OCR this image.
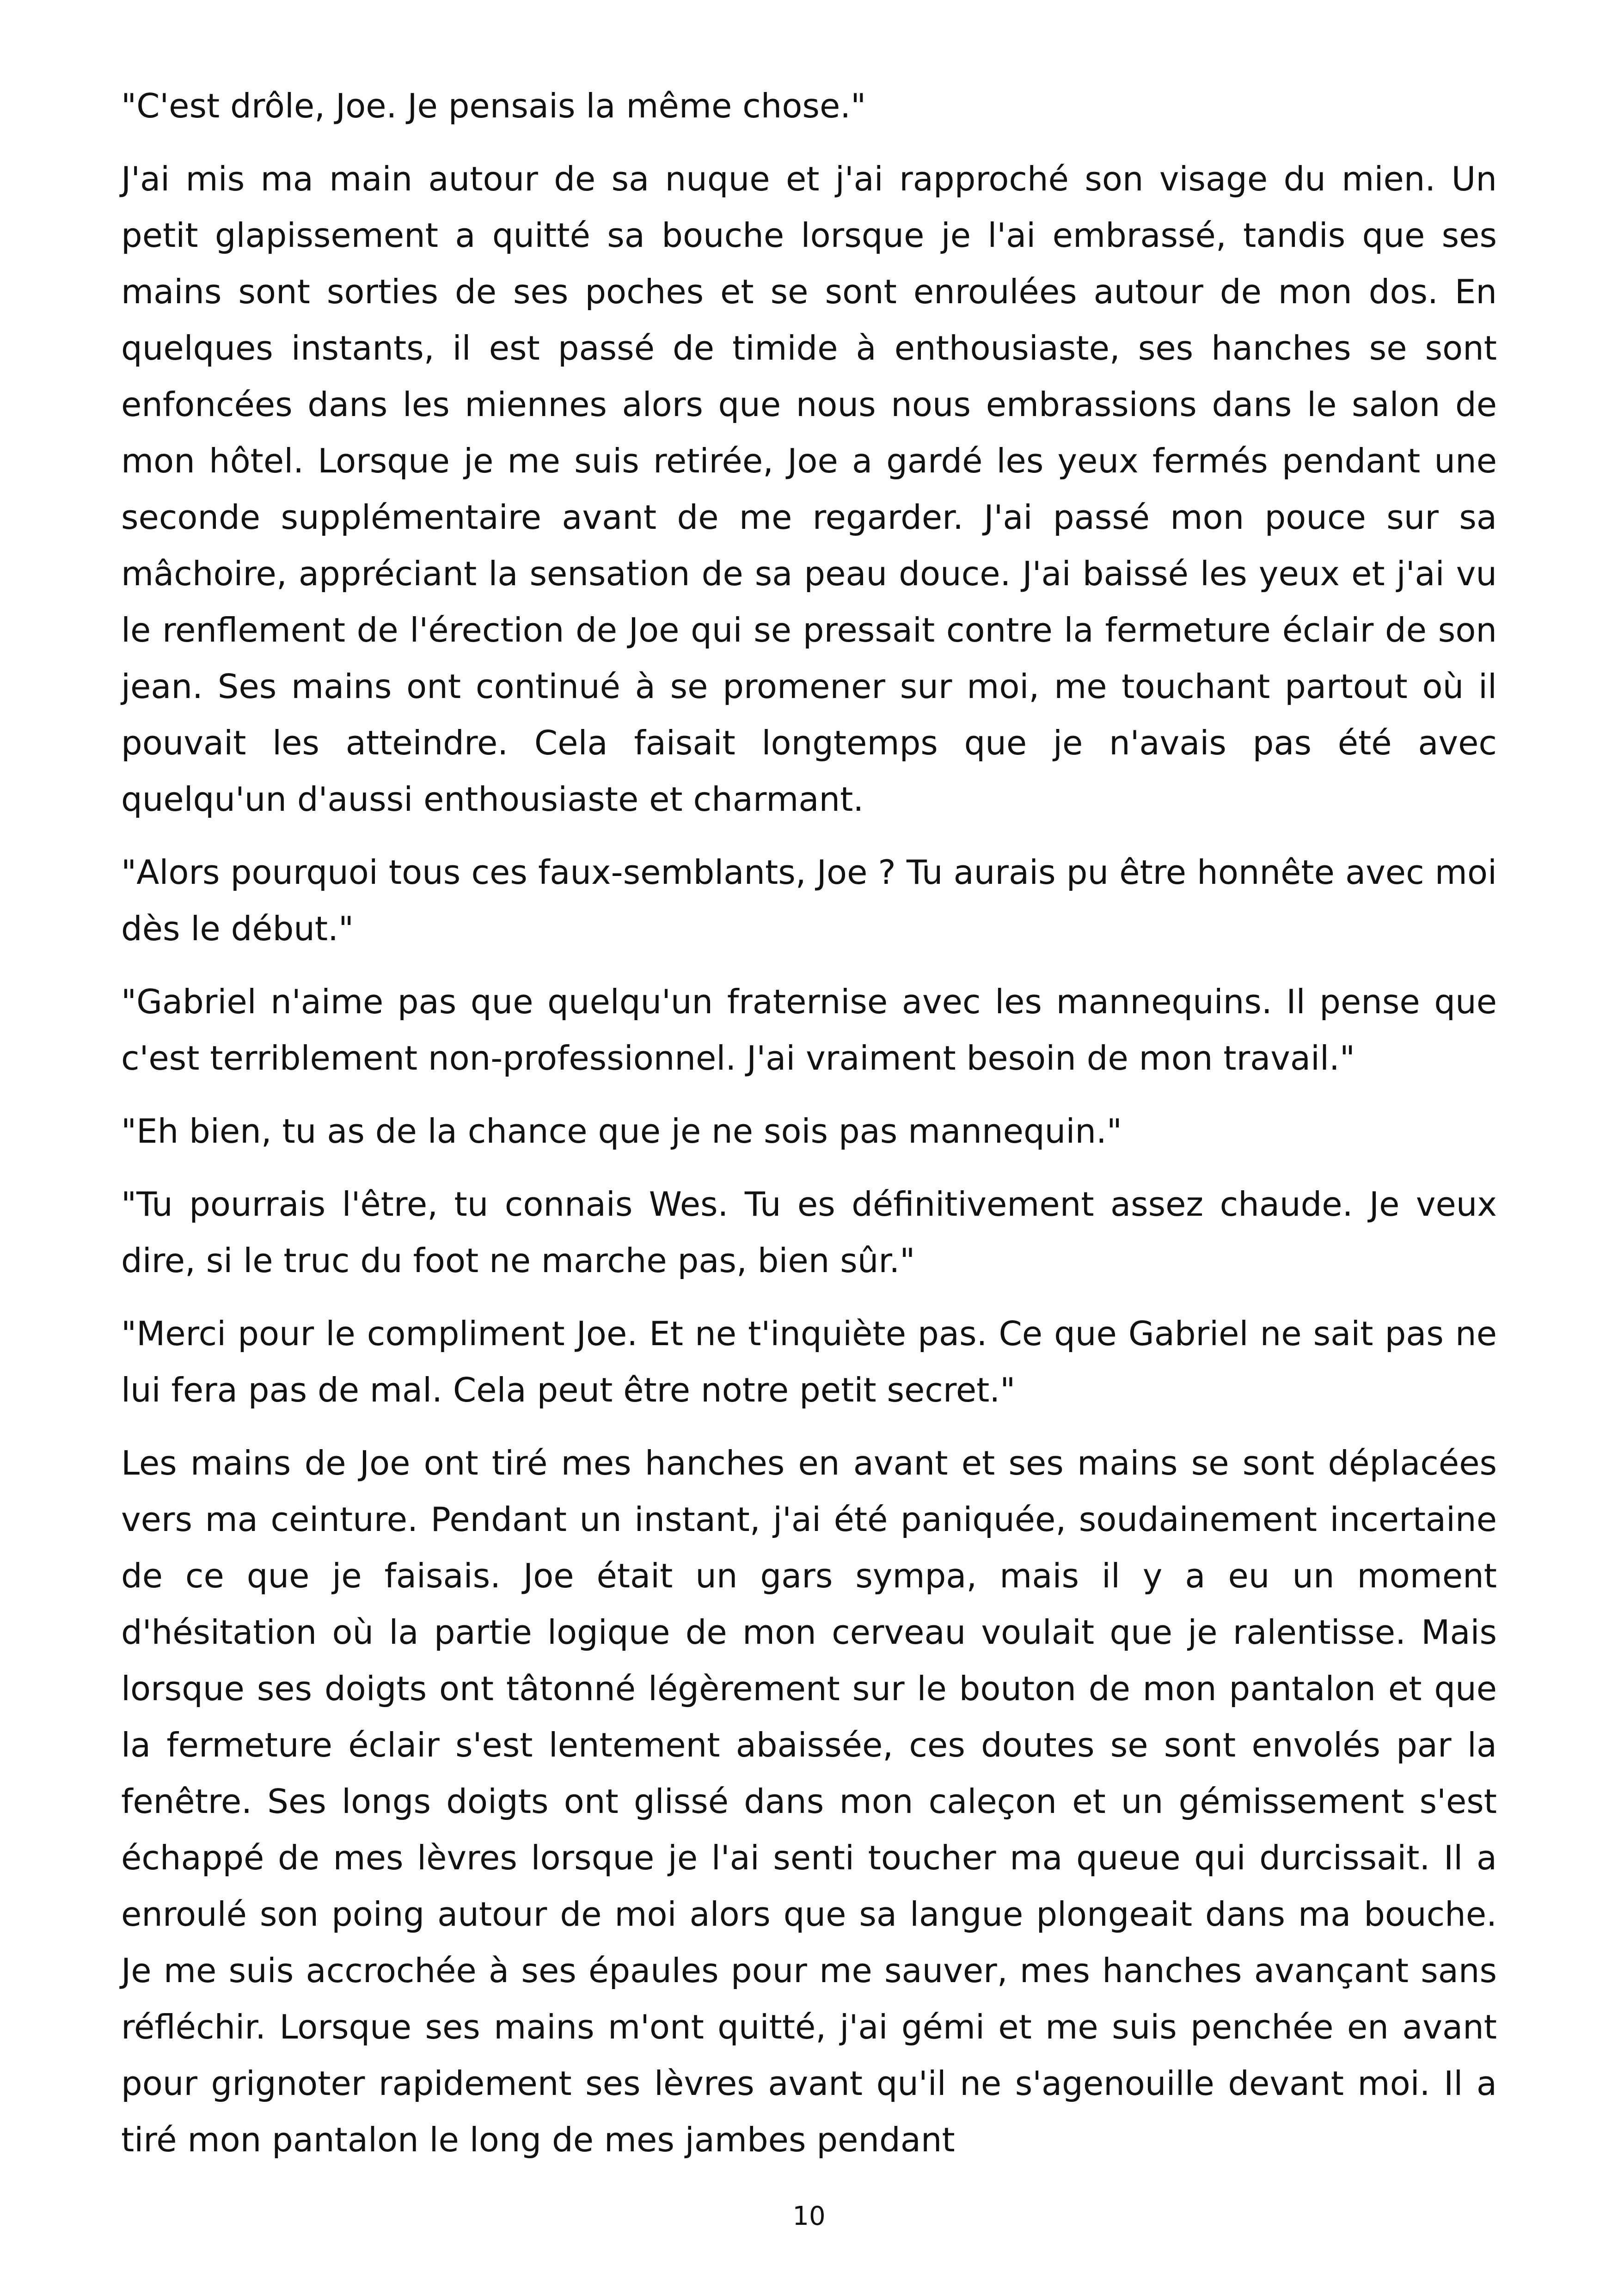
"C'est drôle, Joe. Je pensais la même chose."

J'ai mis ma main autour de sa nuque et j'ai rapproché son visage du mien. Un petit glapissement a quitté sa bouche lorsque je l'ai embrassé, tandis que ses mains sont sorties de ses poches et se sont enroulées autour de mon dos. En quelques instants, il est passé de timide à enthousiaste, ses hanches se sont enfoncées dans les miennes alors que nous nous embrassions dans le salon de mon hôtel. Lorsque je me suis retirée, Joe a gardé les yeux fermés pendant une seconde supplémentaire avant de me regarder. J'ai passé mon pouce sur sa mâchoire, appréciant la sensation de sa peau douce. J'ai baissé les yeux et j'ai vu le renflement de l'érection de Joe qui se pressait contre la fermeture éclair de son jean. Ses mains ont continué à se promener sur moi, me touchant partout où il pouvait les atteindre. Cela faisait longtemps que je n'avais pas été avec quelqu'un d'aussi enthousiaste et charmant.

"Alors pourquoi tous ces faux-semblants, Joe ? Tu aurais pu être honnête avec moi dès le début."

"Gabriel n'aime pas que quelqu'un fraternise avec les mannequins. Il pense que c'est terriblement non-professionnel. J'ai vraiment besoin de mon travail."

"Eh bien, tu as de la chance que je ne sois pas mannequin."

"Tu pourrais l'être, tu connais Wes. Tu es définitivement assez chaude. Je veux dire, si le truc du foot ne marche pas, bien sûr."

"Merci pour le compliment Joe. Et ne t'inquiète pas. Ce que Gabriel ne sait pas ne lui fera pas de mal. Cela peut être notre petit secret."

Les mains de Joe ont tiré mes hanches en avant et ses mains se sont déplacées vers ma ceinture. Pendant un instant, j'ai été paniquée, soudainement incertaine de ce que je faisais. Joe était un gars sympa, mais il y a eu un moment d'hésitation où la partie logique de mon cerveau voulait que je ralentisse. Mais lorsque ses doigts ont tâtonné légèrement sur le bouton de mon pantalon et que la fermeture éclair s'est lentement abaissée, ces doutes se sont envolés par la fenêtre. Ses longs doigts ont glissé dans mon caleçon et un gémissement s'est échappé de mes lèvres lorsque je l'ai senti toucher ma queue qui durcissait. Il a enroulé son poing autour de moi alors que sa langue plongeait dans ma bouche. Je me suis accrochée à ses épaules pour me sauver, mes hanches avançant sans réfléchir. Lorsque ses mains m'ont quitté, j'ai gémi et me suis penchée en avant pour grignoter rapidement ses lèvres avant qu'il ne s'agenouille devant moi. Il a tiré mon pantalon le long de mes jambes pendant

10
